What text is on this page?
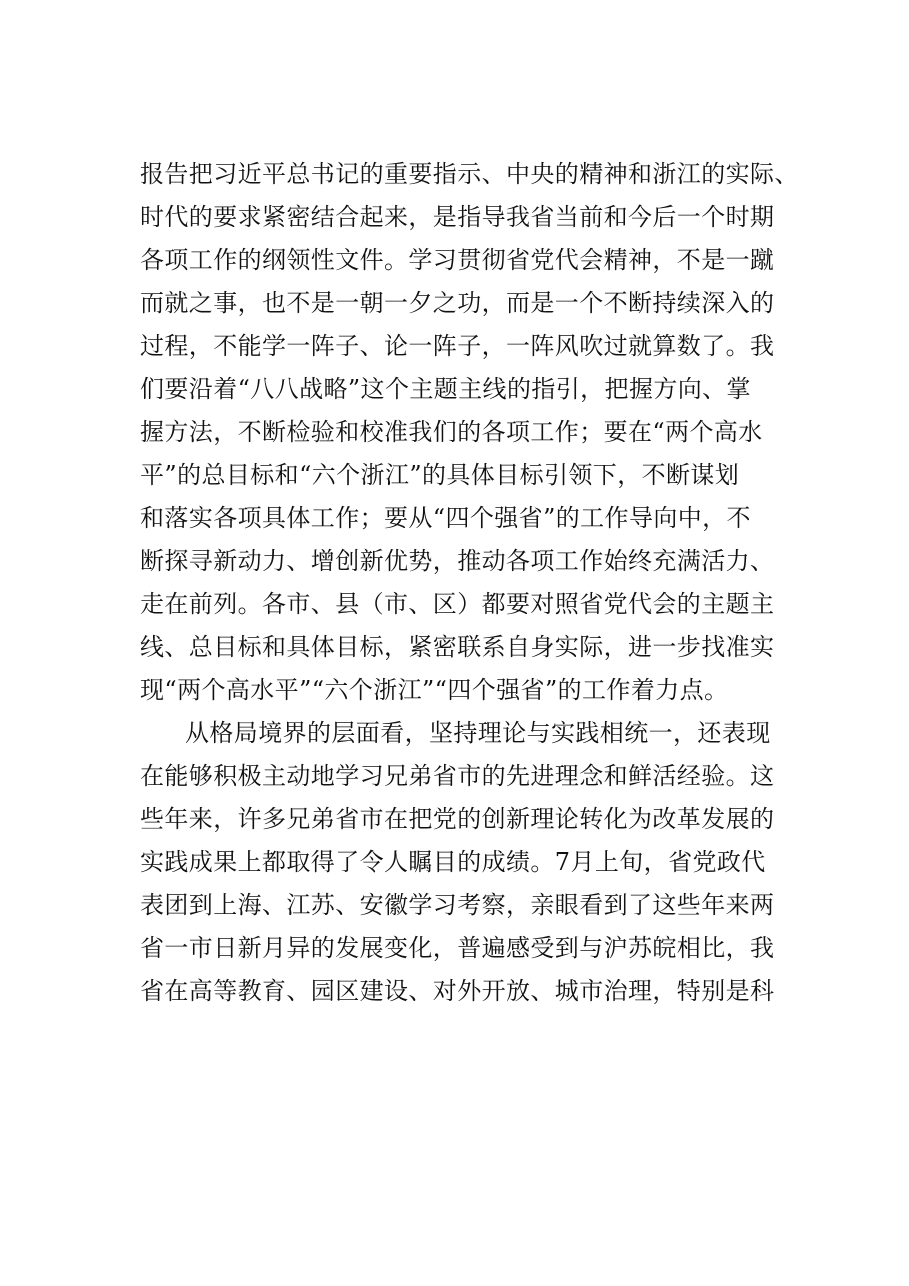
报告把习近平总书记的重要指示、中央的精神和浙江的实际、
时代的要求紧密结合起来，是指导我省当前和今后一个时期
各项工作的纲领性文件。学习贯彻省党代会精神，不是一蹴
而就之事，也不是一朝一夕之功，而是一个不断持续深入的
过程，不能学一阵子、论一阵子，一阵风吹过就算数了。我
们要沿着“八八战略”这个主题主线的指引，把握方向、掌
握方法，不断检验和校准我们的各项工作；要在“两个高水
平”的总目标和“六个浙江”的具体目标引领下，不断谋划
和落实各项具体工作；要从“四个强省”的工作导向中，不
断探寻新动力、增创新优势，推动各项工作始终充满活力、
走在前列。各市、县（市、区）都要对照省党代会的主题主
线、总目标和具体目标，紧密联系自身实际，进一步找准实
现“两个高水平”“六个浙江”“四个强省”的工作着力点。
从格局境界的层面看，坚持理论与实践相统一，还表现
在能够积极主动地学习兄弟省市的先进理念和鲜活经验。这
些年来，许多兄弟省市在把党的创新理论转化为改革发展的
实践成果上都取得了令人瞩目的成绩。7月上旬，省党政代
表团到上海、江苏、安徽学习考察，亲眼看到了这些年来两
省一市日新月异的发展变化，普遍感受到与沪苏皖相比，我
省在高等教育、园区建设、对外开放、城市治理，特别是科
